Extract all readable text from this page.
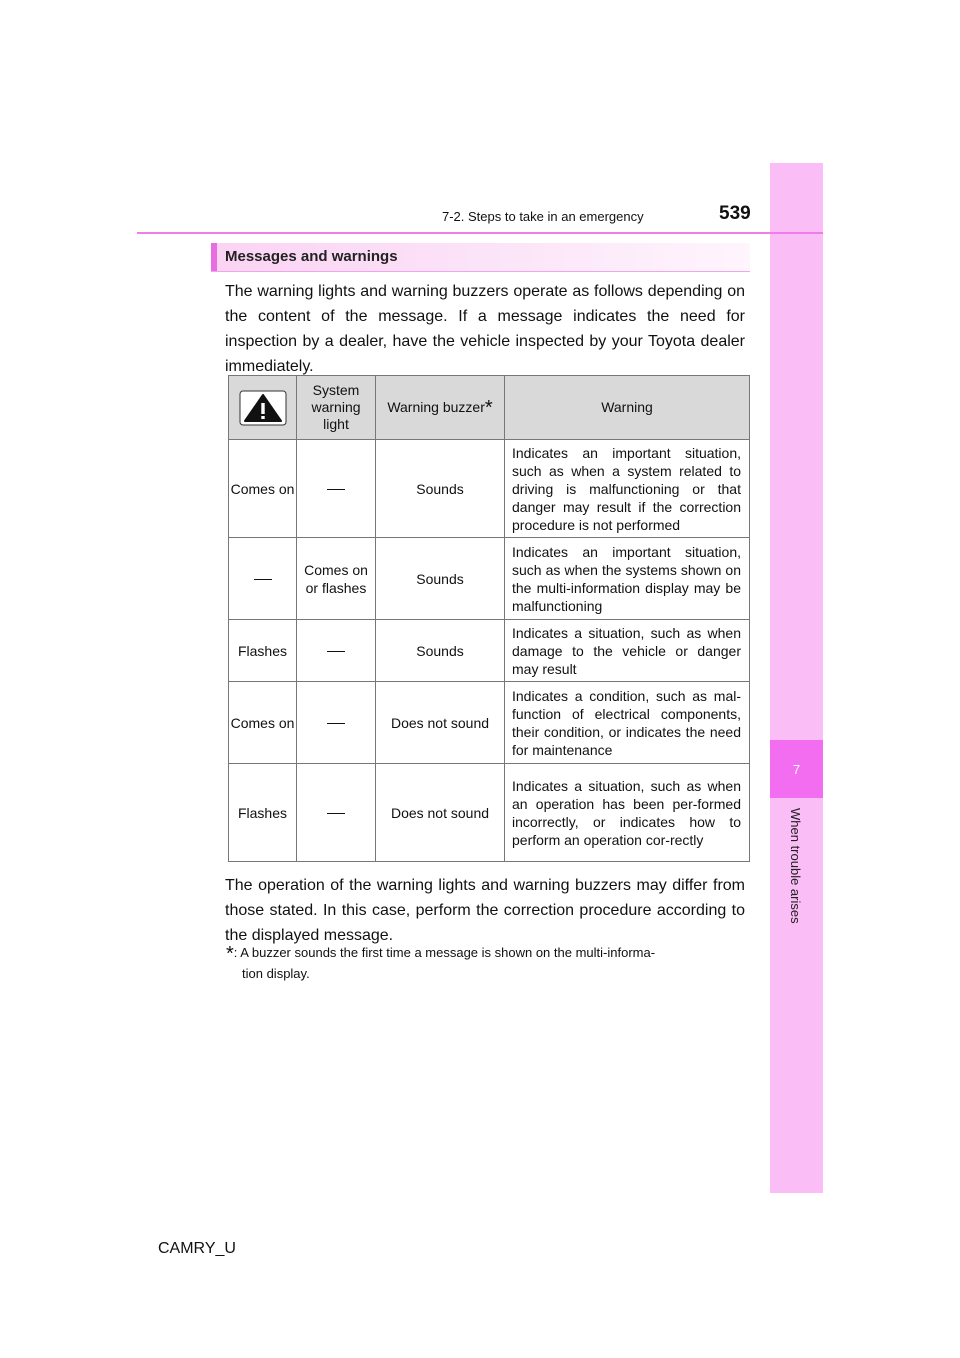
7
When trouble arises
7-2. Steps to take in an emergency	539
Messages and warnings

The warning lights and warning buzzers operate as follows depending on the content of the message. If a message indicates the need for inspection by a dealer, have the vehicle inspected by your Toyota dealer immediately.

	System warning light	Warning buzzer*	Warning
Comes on		Sounds	Indicates an important situation, such as when a system related to driving is malfunctioning or that danger may result if the correction procedure is not performed
	Comes on or flashes	Sounds	Indicates an important situation, such as when the systems shown on the multi-information display may be malfunctioning
Flashes		Sounds	Indicates a situation, such as when damage to the vehicle or danger may result
Comes on		Does not sound	Indicates a condition, such as mal-function of electrical components, their condition, or indicates the need for maintenance
Flashes		Does not sound	Indicates a situation, such as when an operation has been per-formed incorrectly, or indicates how to perform an operation cor-rectly

The operation of the warning lights and warning buzzers may differ from those stated. In this case, perform the correction procedure according to the displayed message.

*: A buzzer sounds the first time a message is shown on the multi-informa-
tion display.
CAMRY_U
